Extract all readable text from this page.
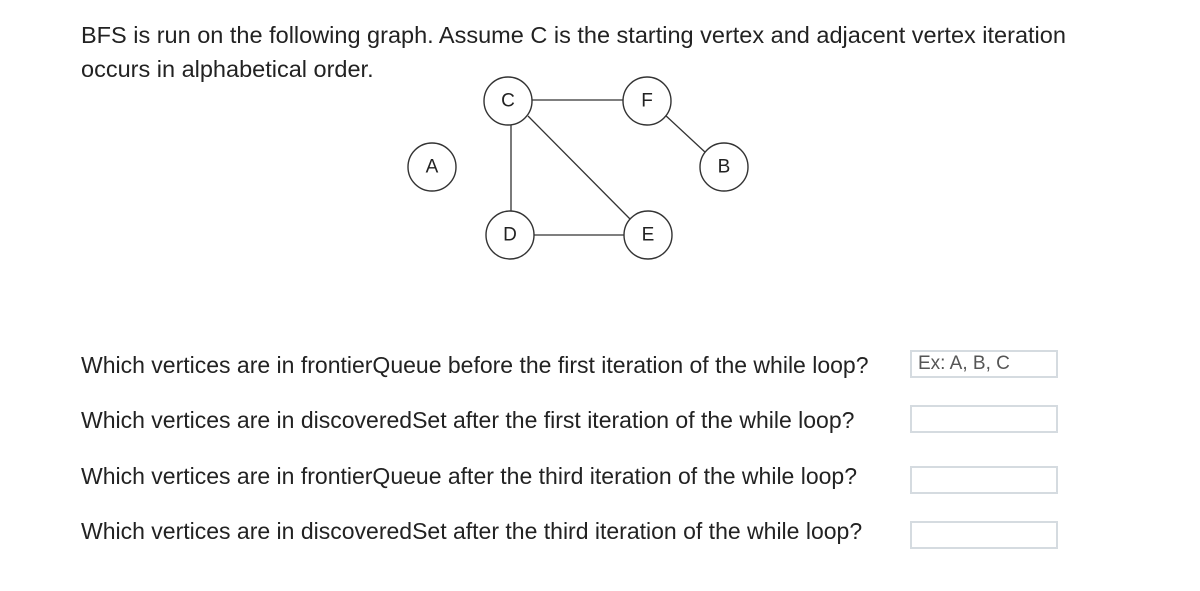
BFS is run on the following graph. Assume C is the starting vertex and adjacent vertex iteration
occurs in alphabetical order.
C	F
A	B
D	E
Which vertices are in frontierQueue before the first iteration of the while loop?
Ex: A, B, C
Which vertices are in discoveredSet after the first iteration of the while loop?
Which vertices are in frontierQueue after the third iteration of the while loop?
Which vertices are in discoveredSet after the third iteration of the while loop?
